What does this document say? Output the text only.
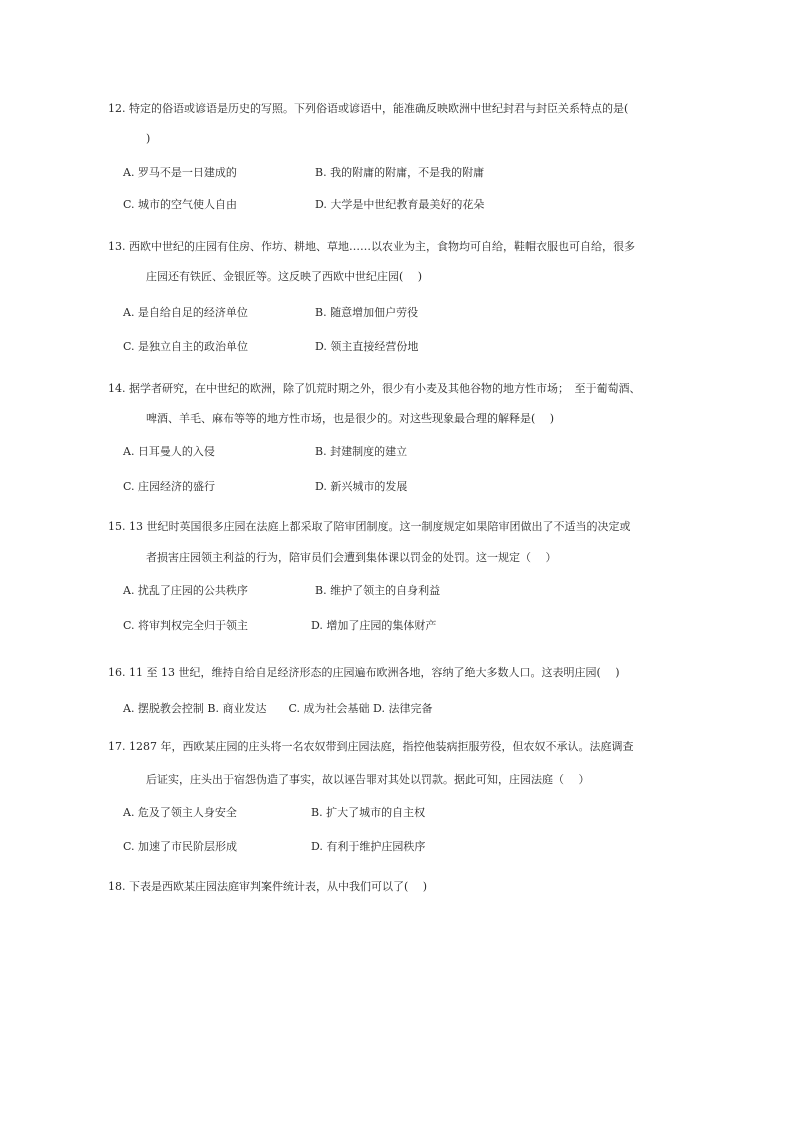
12. 特定的俗语或谚语是历史的写照。下列俗语或谚语中，能准确反映欧洲中世纪封君与封臣关系特点的是(
)
A. 罗马不是一日建成的	B. 我的附庸的附庸，不是我的附庸
C. 城市的空气使人自由	D. 大学是中世纪教育最美好的花朵
13. 西欧中世纪的庄园有住房、作坊、耕地、草地……以农业为主，食物均可自给，鞋帽衣服也可自给，很多
庄园还有铁匠、金银匠等。这反映了西欧中世纪庄园(　 )
A. 是自给自足的经济单位	B. 随意增加佃户劳役
C. 是独立自主的政治单位	D. 领主直接经营份地
14. 据学者研究，在中世纪的欧洲，除了饥荒时期之外，很少有小麦及其他谷物的地方性市场；　至于葡萄酒、
啤酒、羊毛、麻布等等的地方性市场，也是很少的。对这些现象最合理的解释是(　 )
A. 日耳曼人的入侵	B. 封建制度的建立
C. 庄园经济的盛行	D. 新兴城市的发展
15. 13 世纪时英国很多庄园在法庭上都采取了陪审团制度。这一制度规定如果陪审团做出了不适当的决定或
者损害庄园领主利益的行为，陪审员们会遭到集体课以罚金的处罚。这一规定（　 ）
A. 扰乱了庄园的公共秩序	B. 维护了领主的自身利益
C. 将审判权完全归于领主	D. 增加了庄园的集体财产
16. 11 至 13 世纪，维持自给自足经济形态的庄园遍布欧洲各地，容纳了绝大多数人口。这表明庄园(　 )
A. 摆脱教会控制 B. 商业发达　　C. 成为社会基础 D. 法律完备
17. 1287 年，西欧某庄园的庄头将一名农奴带到庄园法庭，指控他装病拒服劳役，但农奴不承认。法庭调查
后证实，庄头出于宿怨伪造了事实，故以诬告罪对其处以罚款。据此可知，庄园法庭（　 ）
A. 危及了领主人身安全	B. 扩大了城市的自主权
C. 加速了市民阶层形成	D. 有利于维护庄园秩序
18. 下表是西欧某庄园法庭审判案件统计表，从中我们可以了(　 )
